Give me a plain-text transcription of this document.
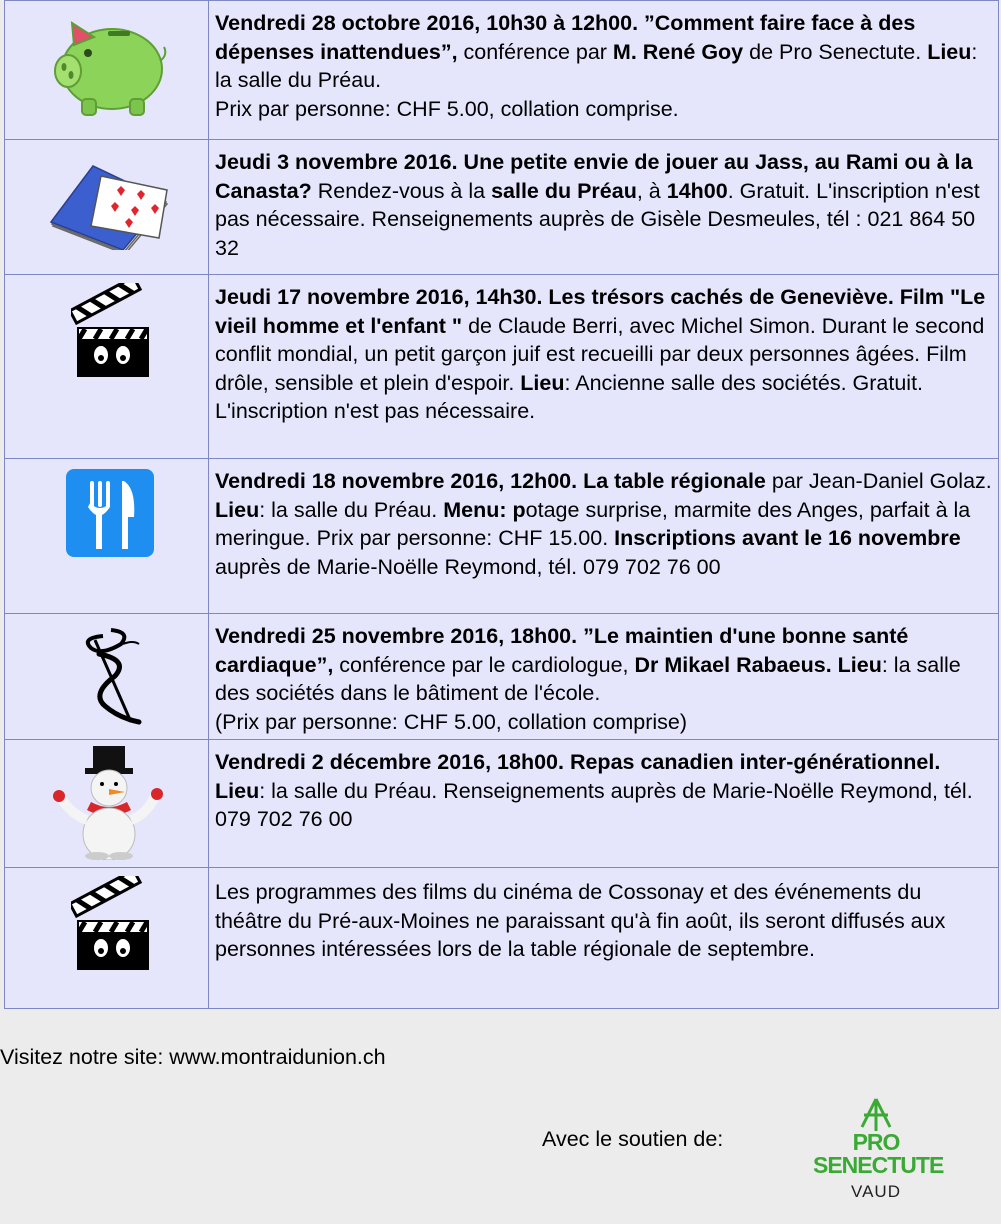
Vendredi 28 octobre 2016, 10h30 à 12h00. ”Comment faire face à des dépenses inattendues”, conférence par M. René Goy de Pro Senectute. Lieu: la salle du Préau.
Prix par personne: CHF 5.00, collation comprise.

Jeudi 3 novembre 2016. Une petite envie de jouer au Jass, au Rami ou à la Canasta? Rendez-vous à la salle du Préau, à 14h00. Gratuit. L'inscription n'est pas nécessaire. Renseignements auprès de Gisèle Desmeules, tél : 021 864 50 32

Jeudi 17 novembre 2016, 14h30. Les trésors cachés de Geneviève. Film "Le vieil homme et l'enfant " de Claude Berri, avec Michel Simon. Durant le second conflit mondial, un petit garçon juif est recueilli par deux personnes âgées. Film drôle, sensible et plein d'espoir. Lieu: Ancienne salle des sociétés. Gratuit. L'inscription n'est pas nécessaire.

Vendredi 18 novembre 2016, 12h00. La table régionale par Jean-Daniel Golaz. Lieu: la salle du Préau. Menu: potage surprise, marmite des Anges, parfait à la meringue. Prix par personne: CHF 15.00. Inscriptions avant le 16 novembre auprès de Marie-Noëlle Reymond, tél. 079 702 76 00

Vendredi 25 novembre 2016, 18h00. ”Le maintien d'une bonne santé cardiaque”, conférence par le cardiologue, Dr Mikael Rabaeus. Lieu: la salle des sociétés dans le bâtiment de l'école.
(Prix par personne: CHF 5.00, collation comprise)

Vendredi 2 décembre 2016, 18h00. Repas canadien inter-générationnel. Lieu: la salle du Préau. Renseignements auprès de Marie-Noëlle Reymond, tél. 079 702 76 00

Les programmes des films du cinéma de Cossonay et des événements du théâtre du Pré-aux-Moines ne paraissant qu'à fin août, ils seront diffusés aux personnes intéressées lors de la table régionale de septembre.
Visitez notre site: www.montraidunion.ch
Avec le soutien de:	PRO
SENECTUTE
VAUD
